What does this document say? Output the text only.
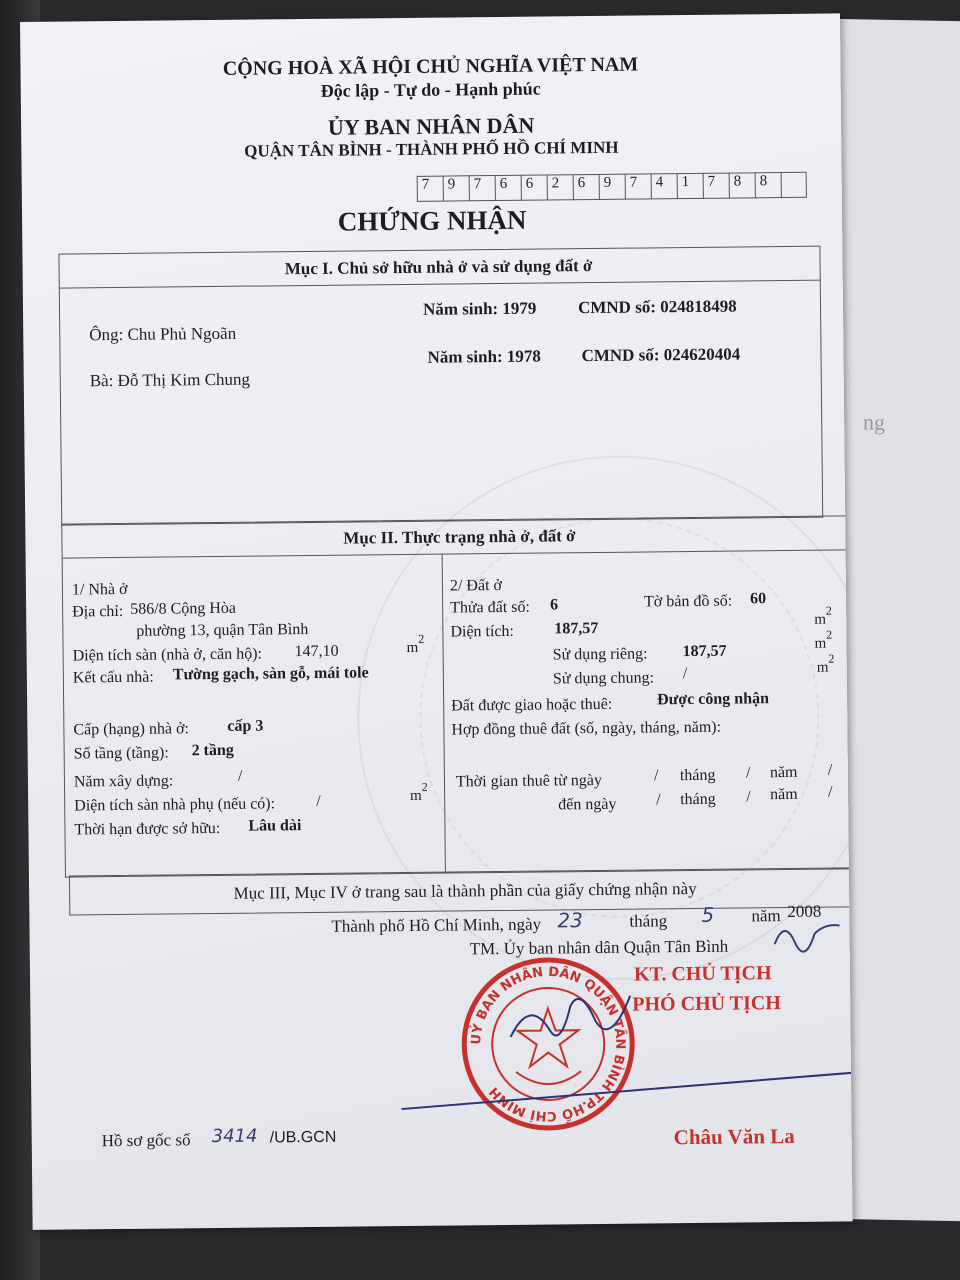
ng
CỘNG HOÀ XÃ HỘI CHỦ NGHĨA VIỆT NAM
Độc lập - Tự do - Hạnh phúc
ỦY BAN NHÂN DÂN
QUẬN TÂN BÌNH - THÀNH PHỐ HỒ CHÍ MINH
7	9	7	6	6	2	6	9	7	4	1	7	8	8
CHỨNG NHẬN
Mục I. Chủ sở hữu nhà ở và sử dụng đất ở
Năm sinh: 1979 CMND số: 024818498
Ông: Chu Phủ Ngoãn
Năm sinh: 1978 CMND số: 024620404
Bà: Đỗ Thị Kim Chung
Mục II. Thực trạng nhà ở, đất ở
1/ Nhà ở
Địa chỉ: 586/8 Cộng Hòa
phường 13, quận Tân Bình
Diện tích sàn (nhà ở, căn hộ): 147,10	m
2
Kết cấu nhà: Tường gạch, sàn gỗ, mái tole
Cấp (hạng) nhà ở: cấp 3
Số tầng (tầng): 2 tầng
Năm xây dựng:	/
Diện tích sàn nhà phụ (nếu có):	/	m
2
Thời hạn được sở hữu: Lâu dài
2/ Đất ở
Thửa đất số: 6	Tờ bản đồ số: 60
Diện tích:	187,57
m
2
Sử dụng riêng: 187,57	m
2
Sử dụng chung: /	m
2
Đất được giao hoặc thuê:	Được công nhận
Hợp đồng thuê đất (số, ngày, tháng, năm):
Thời gian thuê từ ngày	/ tháng / năm /
đến ngày / tháng / năm /
Mục III, Mục IV ở trang sau là thành phần của giấy chứng nhận này
Thành phố Hồ Chí Minh, ngày 23	tháng 5 năm 2008
TM. Ủy ban nhân dân Quận Tân Bình
KT. CHỦ TỊCH
PHÓ CHỦ TỊCH
UỶ BAN NHÂN DÂN QUẬN TÂN BÌNH TP.HỒ CHÍ MINH
Hồ sơ gốc số 3414 /UB.GCN	Châu Văn La
